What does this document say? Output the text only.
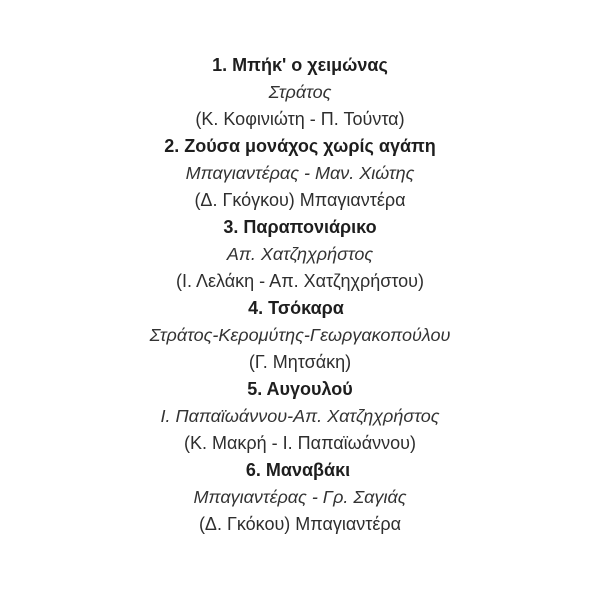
1. Μπήκ' ο χειμώνας
Στράτος
(Κ. Κοφινιώτη - Π. Τούντα)
2. Ζούσα μονάχος χωρίς αγάπη
Μπαγιαντέρας - Μαν. Χιώτης
(Δ. Γκόγκου) Μπαγιαντέρα
3. Παραπονιάρικο
Απ. Χατζηχρήστος
(Ι. Λελάκη - Απ. Χατζηχρήστου)
4. Τσόκαρα
Στράτος-Κερομύτης-Γεωργακοπούλου
(Γ. Μητσάκη)
5. Αυγουλού
Ι. Παπαϊωάννου-Απ. Χατζηχρήστος
(Κ. Μακρή - Ι. Παπαϊωάννου)
6. Μαναβάκι
Μπαγιαντέρας - Γρ. Σαγιάς
(Δ. Γκόκου) Μπαγιαντέρα
